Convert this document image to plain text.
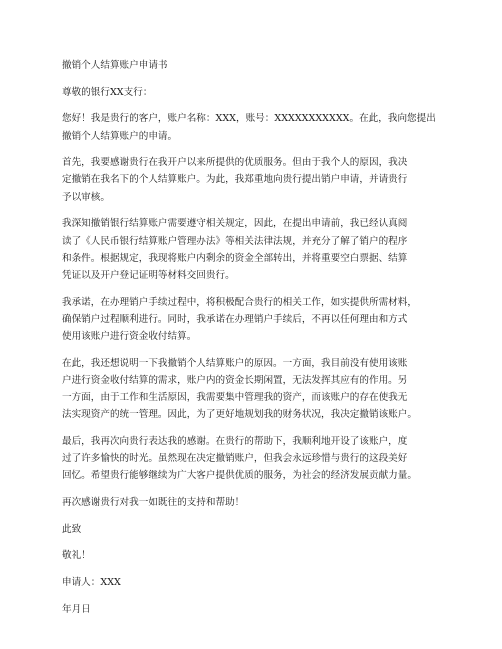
撤销个人结算账户申请书
尊敬的银行XX支行：
您好！我是贵行的客户，账户名称：XXX，账号：XXXXXXXXXXX。在此，我向您提出
撤销个人结算账户的申请。
首先，我要感谢贵行在我开户以来所提供的优质服务。但由于我个人的原因，我决
定撤销在我名下的个人结算账户。为此，我郑重地向贵行提出销户申请，并请贵行
予以审核。
我深知撤销银行结算账户需要遵守相关规定，因此，在提出申请前，我已经认真阅
读了《人民币银行结算账户管理办法》等相关法律法规，并充分了解了销户的程序
和条件。根据规定，我现将账户内剩余的资金全部转出，并将重要空白票据、结算
凭证以及开户登记证明等材料交回贵行。
我承诺，在办理销户手续过程中，将积极配合贵行的相关工作，如实提供所需材料，
确保销户过程顺利进行。同时，我承诺在办理销户手续后，不再以任何理由和方式
使用该账户进行资金收付结算。
在此，我还想说明一下我撤销个人结算账户的原因。一方面，我目前没有使用该账
户进行资金收付结算的需求，账户内的资金长期闲置，无法发挥其应有的作用。另
一方面，由于工作和生活原因，我需要集中管理我的资产，而该账户的存在使我无
法实现资产的统一管理。因此，为了更好地规划我的财务状况，我决定撤销该账户。
最后，我再次向贵行表达我的感谢。在贵行的帮助下，我顺利地开设了该账户，度
过了许多愉快的时光。虽然现在决定撤销账户，但我会永远珍惜与贵行的这段美好
回忆。希望贵行能够继续为广大客户提供优质的服务，为社会的经济发展贡献力量。
再次感谢贵行对我一如既往的支持和帮助！
此致
敬礼！
申请人：XXX
年月日
